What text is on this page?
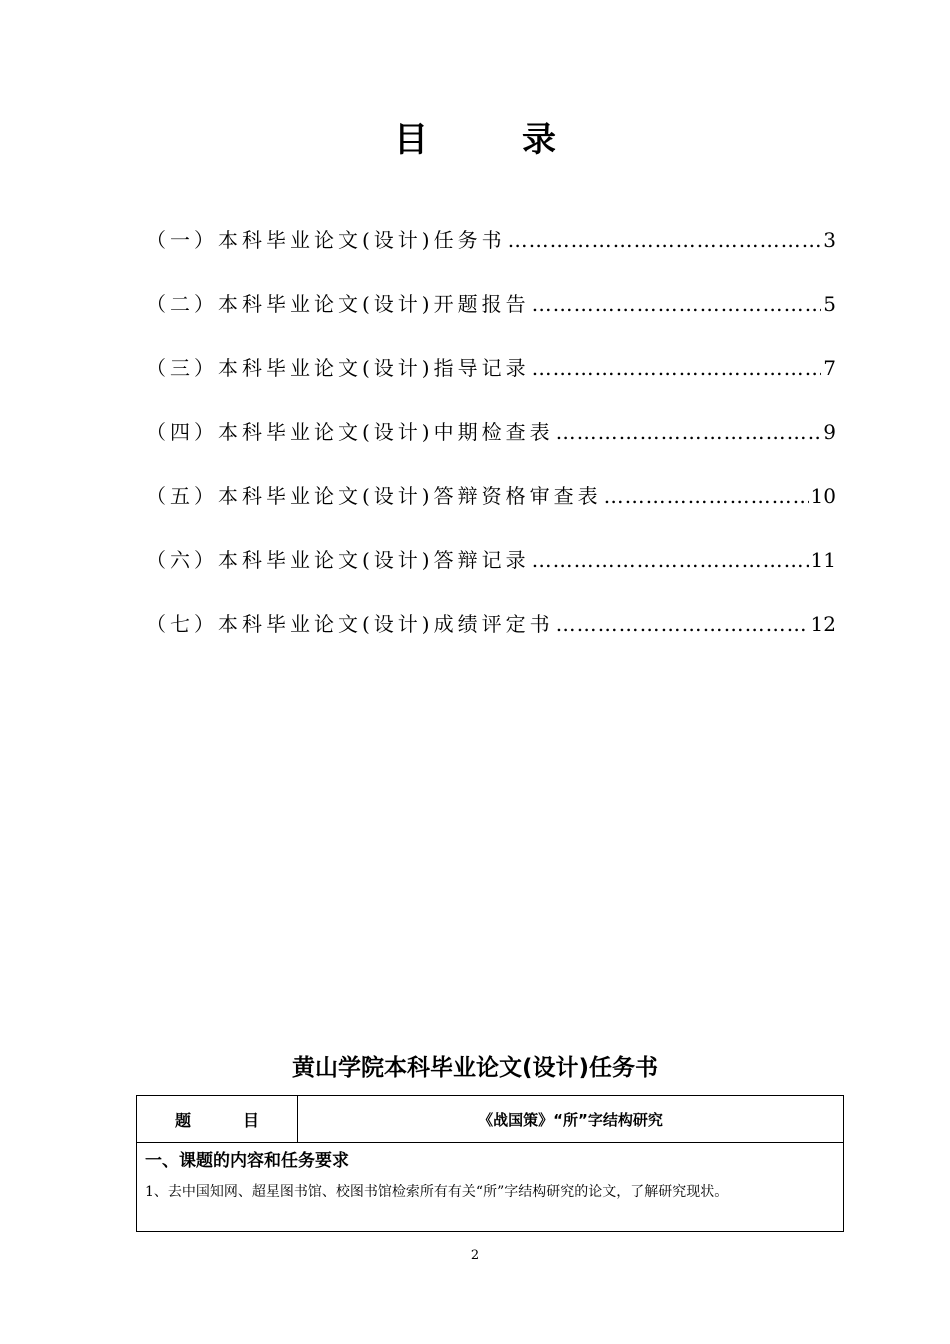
目　录
（一）本科毕业论文(设计)任务书 …………………………………………………………………………	3
（二）本科毕业论文(设计)开题报告 …………………………………………………………………………	5
（三）本科毕业论文(设计)指导记录 …………………………………………………………………………	7
（四）本科毕业论文(设计)中期检查表 …………………………………………………………………………	9
（五）本科毕业论文(设计)答辩资格审查表 …………………………………………………………………………	10
（六）本科毕业论文(设计)答辩记录 …………………………………………………………………………	11
（七）本科毕业论文(设计)成绩评定书 …………………………………………………………………………	12
黄山学院本科毕业论文(设计)任务书
题　目	《战国策》“所”字结构研究
一、课题的内容和任务要求
1、去中国知网、超星图书馆、校图书馆检索所有有关“所”字结构研究的论文，了解研究现状。
2
